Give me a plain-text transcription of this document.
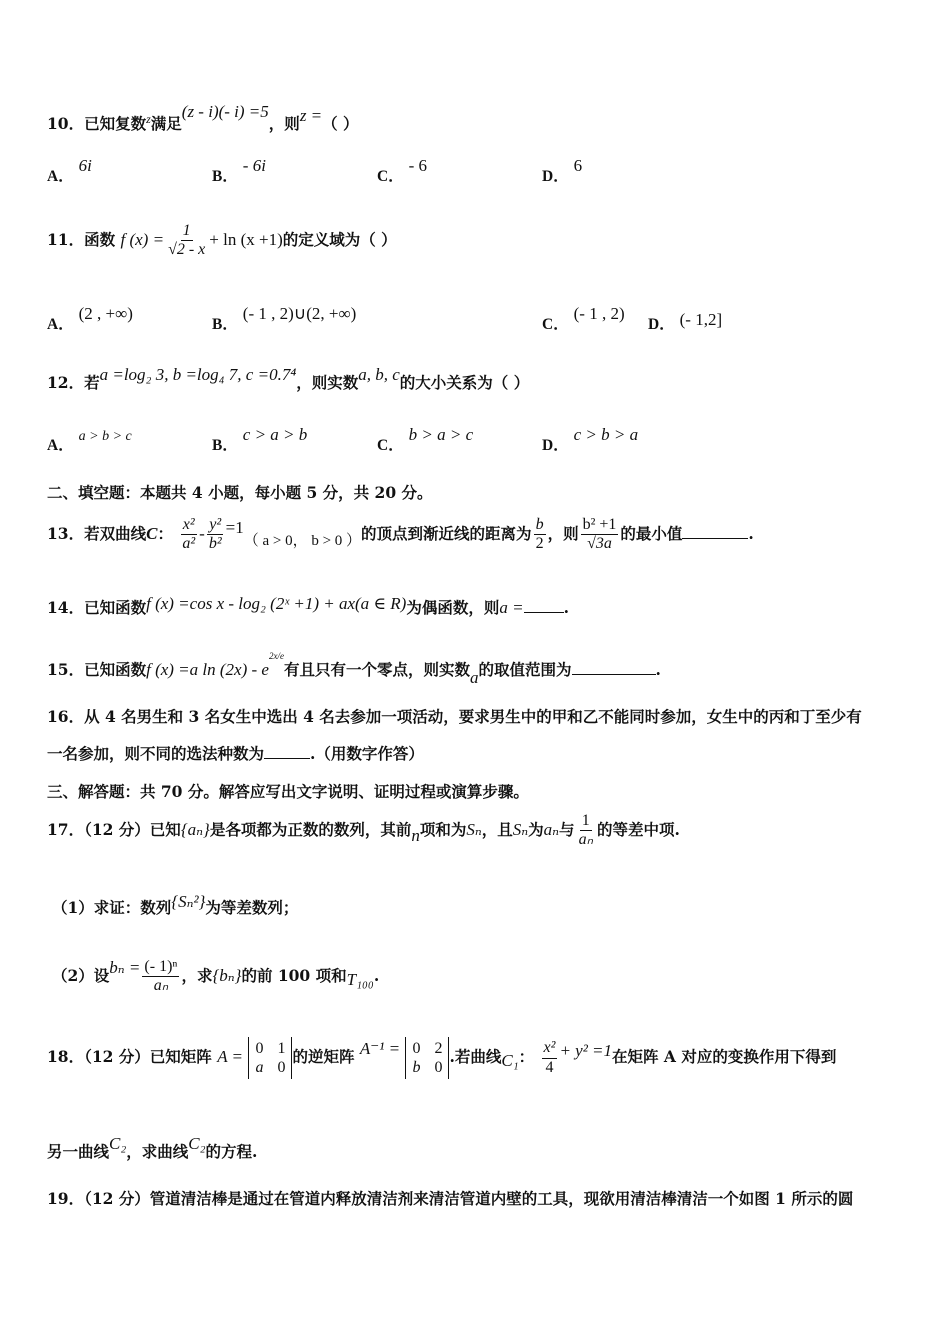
10．已知复数$^z$满足(z - i)(- i) =5，则z =（ ）
A． 6i
B． - 6i
C． - 6
D． 6
11．函数 f $(x) = \frac{1}{√2 - x} + \ln (x +1)$的定义域为（ ）
A． (2 , +∞)
B． (- 1 , 2)∪(2, +∞)
C． (- 1 , 2)
D． (- 1,2]
12．若a =log₂ 3, b =log₄ 7, c =0.7⁴，则实数a, b, c的大小关系为（ ）
A． a > b > c
B． c > a > b
C． b > a > c
D． c > b > a
二、填空题：本题共 4 小题，每小题 5 分，共 20 分。
13．若双曲线C： $\frac{\text{x²}}{\text{a²}} - \frac{\text{y²}}{\text{b²}} =1$（ a > 0， b > 0 ）的顶点到渐近线的距离为 $\frac{b}{2}$ ，则 $\frac{\text{b² +1}}{√3a}$ 的最小值	.
14．已知函数f (x) =cos x - log₂ (2ˣ +1) + ax(a ∈ R)为偶函数，则a =	.
15．已知函数f (x) =a $\ln (2x) - e^{2x/e}$有且只有一个零点，则实数a的取值范围为	.
16．从 4 名男生和 3 名女生中选出 4 名去参加一项活动，要求男生中的甲和乙不能同时参加，女生中的丙和丁至少有
一名参加，则不同的选法种数为	.（用数字作答）
三、解答题：共 70 分。解答应写出文字说明、证明过程或演算步骤。
17．（12 分）已知{aₙ}是各项都为正数的数列，其前n项和为Sₙ，且Sₙ为aₙ与 $\frac{1}{\text{aₙ}}$ 的等差中项.
（1）求证：数列{Sₙ²}为等差数列；
（2）设$b_n = \frac{\text{(- 1)ⁿ}}{\text{aₙ}}$ ，求{bₙ}的前 100 项和T₁₀₀.
18．（12 分）已知矩阵 A = 0 1
a 0
的逆矩阵 A⁻¹ = 0 2
b 0
.若曲线C₁： $\frac{\text{x²}}{4} + y^2 =1$在矩阵 A 对应的变换作用下得到
另一曲线C₂，求曲线C₂的方程.
19．（12 分）管道清洁棒是通过在管道内释放清洁剂来清洁管道内壁的工具，现欲用清洁棒清洁一个如图 1 所示的圆
